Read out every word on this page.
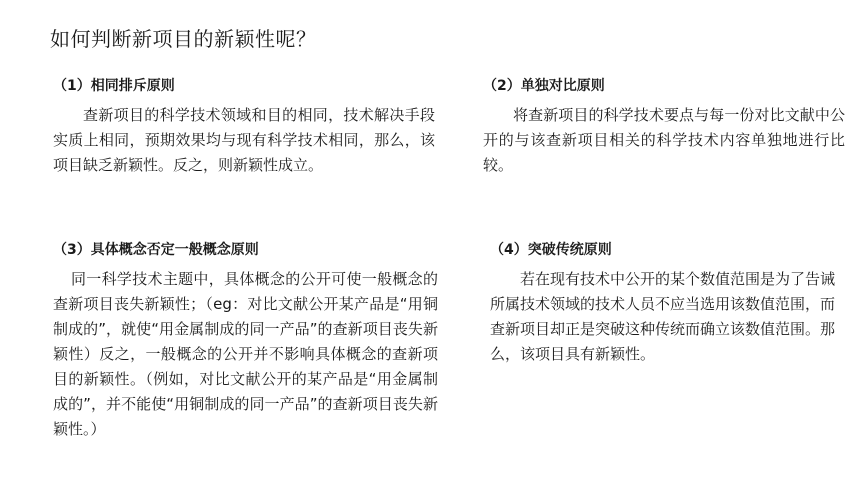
如何判断新项目的新颖性呢？
（1）相同排斥原则
查新项目的科学技术领域和目的相同，技术解决手段实质上相同，预期效果均与现有科学技术相同，那么，该项目缺乏新颖性。反之，则新颖性成立。
（2）单独对比原则
将查新项目的科学技术要点与每一份对比文献中公开的与该查新项目相关的科学技术内容单独地进行比较。
（3）具体概念否定一般概念原则
同一科学技术主题中，具体概念的公开可使一般概念的查新项目丧失新颖性；（eg：对比文献公开某产品是“用铜制成的”，就使“用金属制成的同一产品”的查新项目丧失新颖性）反之，一般概念的公开并不影响具体概念的查新项目的新颖性。（例如，对比文献公开的某产品是“用金属制成的”，并不能使“用铜制成的同一产品”的查新项目丧失新颖性。）
（4）突破传统原则
若在现有技术中公开的某个数值范围是为了告诫所属技术领域的技术人员不应当选用该数值范围，而查新项目却正是突破这种传统而确立该数值范围。那么，该项目具有新颖性。
